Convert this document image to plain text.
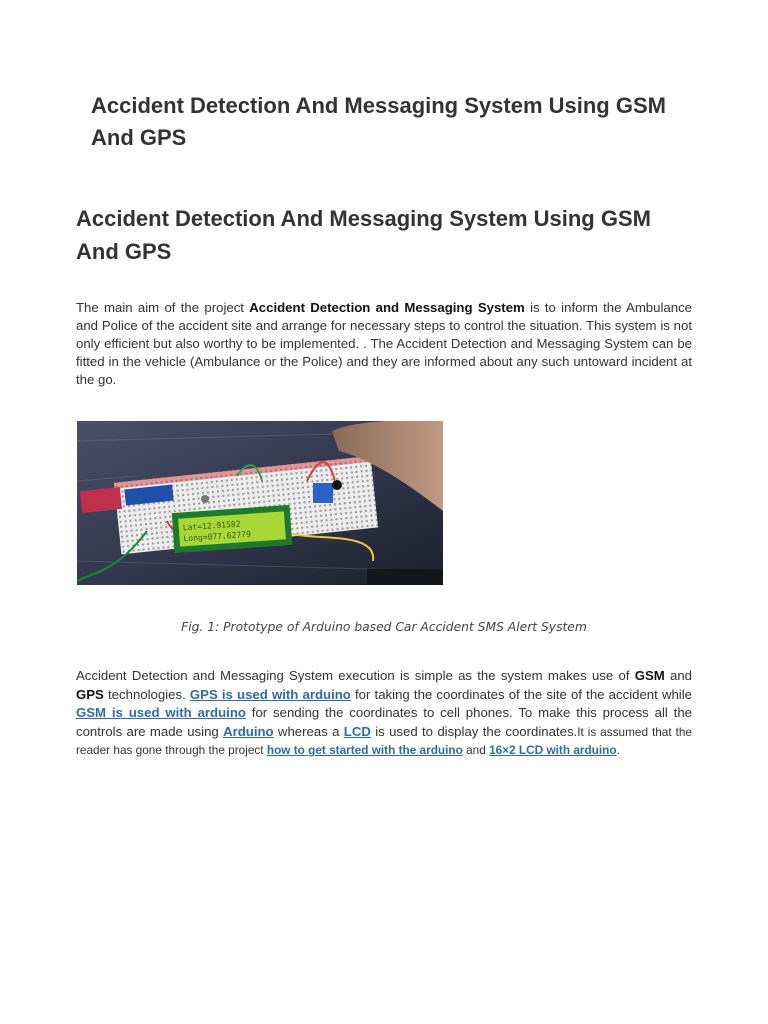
Accident Detection And Messaging System Using GSM And GPS
Accident Detection And Messaging System Using GSM And GPS

The main aim of the project Accident Detection and Messaging System is to inform the Ambulance and Police of the accident site and arrange for necessary steps to control the situation. This system is not only efficient but also worthy to be implemented. . The Accident Detection and Messaging System can be fitted in the vehicle (Ambulance or the Police) and they are informed about any such untoward incident at the go.

Lat=12.91582
Long=077.62779

Fig. 1: Prototype of Arduino based Car Accident SMS Alert System

Accident Detection and Messaging System execution is simple as the system makes use of GSM and GPS technologies. GPS is used with arduino for taking the coordinates of the site of the accident while GSM is used with arduino for sending the coordinates to cell phones. To make this process all the controls are made using Arduino whereas a LCD is used to display the coordinates.It is assumed that the reader has gone through the project how to get started with the arduino and 16×2 LCD with arduino.
